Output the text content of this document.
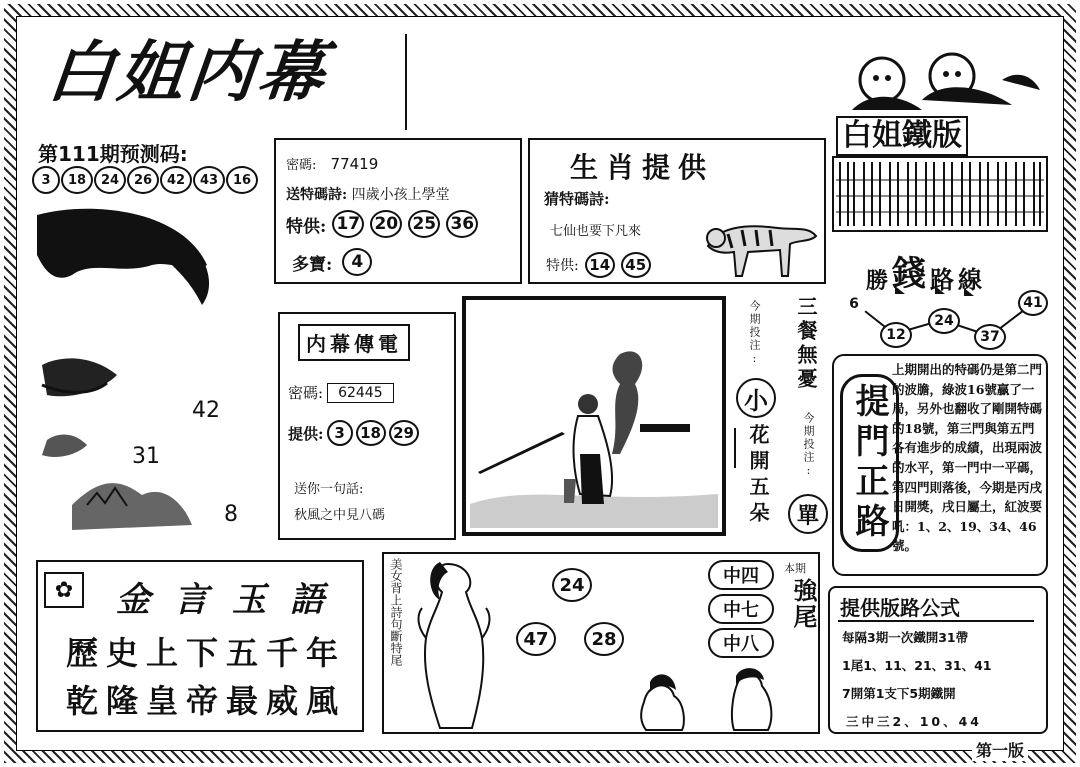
白姐内幕
第111期预测码:
3	18	24	26	42	43	16
42
31
8
密碼: 77419
送特碼詩: 四歲小孩上學堂
特供: 17 20 25 36
多寶:	4
生肖提供
猜特碼詩:
七仙也要下凡來
特供: 14	45
白姐鐵版
勝 錢 路線
6
12
24
37
41
内幕傳電
密碼:	62445
提供: 3	18 29
送你一句話:
秋風之中見八碼
今期投注:
小
花開五朵
三餐無憂
今期投注:
單 提門正路
上期開出的特碼仍是第二門的波膽，綠波16號贏了一局，另外也翻收了剛開特碼的18號，第三門與第五門各有進步的成績，出現兩波的水平，第一門中一平碼，第四門則落後，今期是丙戌日開獎，戌日屬土，紅波要吼：1、2、19、34、46號。
✿	金言玉語
歷史上下五千年
乾隆皇帝最威風
美女背上詩句斷特尾	24
47	28
中四
中七
中八
本期
強尾 提供版路公式
每隔3期一次鐵開31帶
1尾1、11、21、31、41
7開第1支下5期鐵開
三中三2、10、44
第一版
